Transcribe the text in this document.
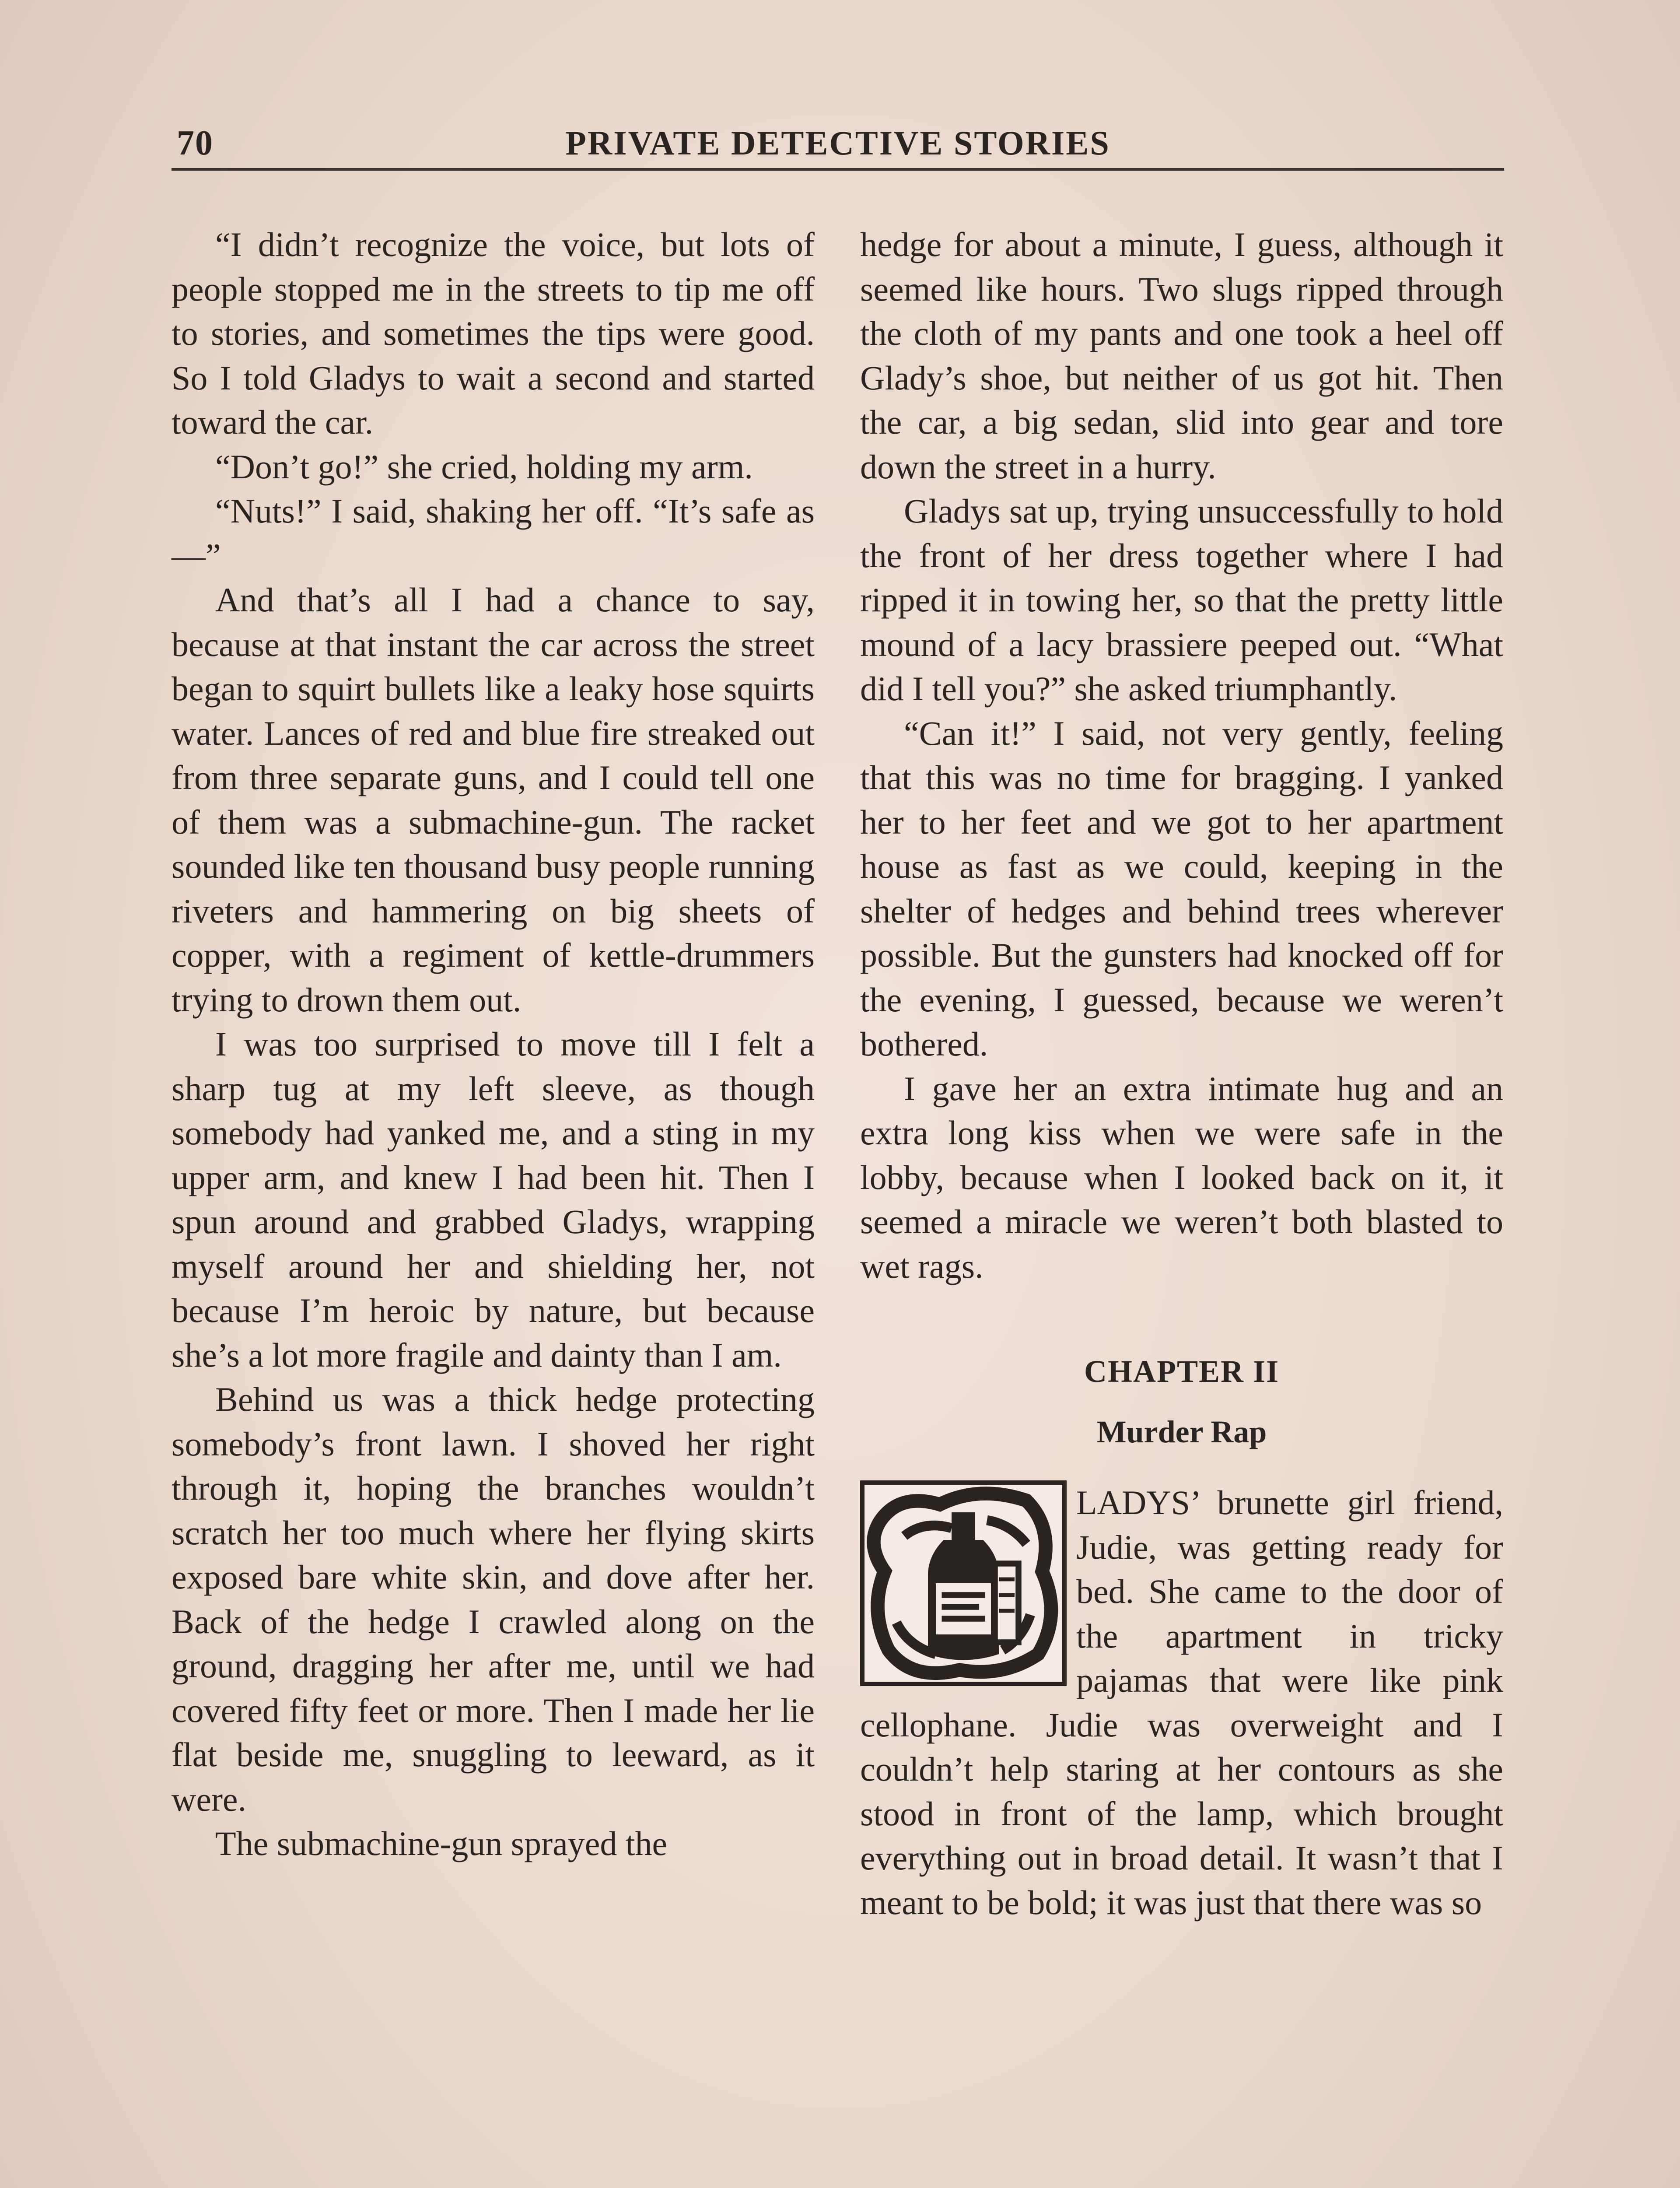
70	PRIVATE DETECTIVE STORIES

“I didn’t recognize the voice, but lots of people stopped me in the streets to tip me off to stories, and sometimes the tips were good. So I told Gladys to wait a second and started toward the car.

“Don’t go!” she cried, holding my arm.

“Nuts!” I said, shaking her off. “It’s safe as—”

And that’s all I had a chance to say, because at that instant the car across the street began to squirt bullets like a leaky hose squirts water. Lances of red and blue fire streaked out from three separate guns, and I could tell one of them was a submachine-gun. The racket sounded like ten thousand busy people running riveters and hammering on big sheets of copper, with a regiment of kettle-drummers trying to drown them out.

I was too surprised to move till I felt a sharp tug at my left sleeve, as though somebody had yanked me, and a sting in my upper arm, and knew I had been hit. Then I spun around and grabbed Gladys, wrapping myself around her and shielding her, not because I’m heroic by nature, but because she’s a lot more fragile and dainty than I am.

Behind us was a thick hedge protecting somebody’s front lawn. I shoved her right through it, hoping the branches wouldn’t scratch her too much where her flying skirts exposed bare white skin, and dove after her. Back of the hedge I crawled along on the ground, dragging her after me, until we had covered fifty feet or more. Then I made her lie flat beside me, snuggling to leeward, as it were.

The submachine-gun sprayed the

hedge for about a minute, I guess, although it seemed like hours. Two slugs ripped through the cloth of my pants and one took a heel off Glady’s shoe, but neither of us got hit. Then the car, a big sedan, slid into gear and tore down the street in a hurry.

Gladys sat up, trying unsuccessfully to hold the front of her dress together where I had ripped it in towing her, so that the pretty little mound of a lacy brassiere peeped out. “What did I tell you?” she asked triumphantly.

“Can it!” I said, not very gently, feeling that this was no time for bragging. I yanked her to her feet and we got to her apartment house as fast as we could, keeping in the shelter of hedges and behind trees wherever possible. But the gunsters had knocked off for the evening, I guessed, because we weren’t bothered.

I gave her an extra intimate hug and an extra long kiss when we were safe in the lobby, because when I looked back on it, it seemed a miracle we weren’t both blasted to wet rags.

CHAPTER II

Murder Rap

LADYS’ brunette girl friend, Judie, was getting ready for bed. She came to the door of the apartment in tricky pajamas that were like pink cellophane. Judie was overweight and I couldn’t help staring at her contours as she stood in front of the lamp, which brought everything out in broad detail. It wasn’t that I meant to be bold; it was just that there was so
